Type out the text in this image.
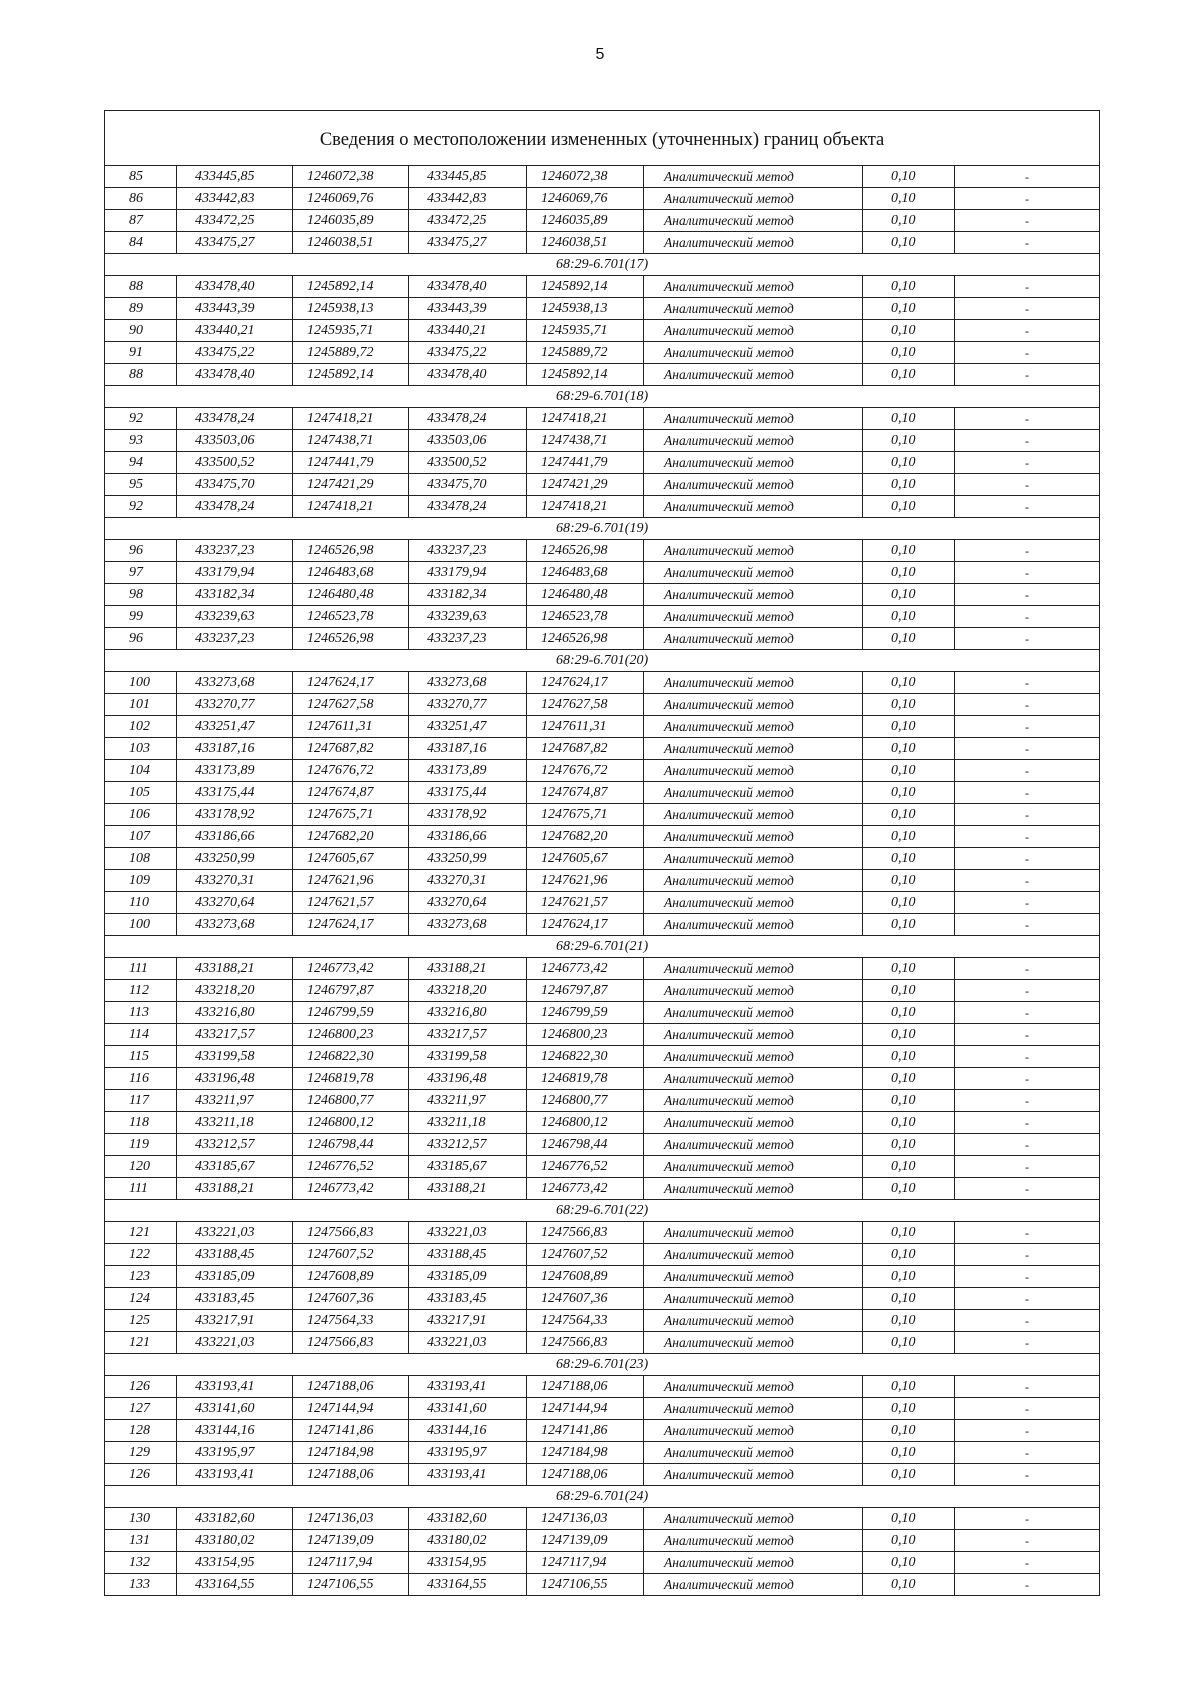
5
Сведения о местоположении измененных (уточненных) границ объекта							
85	433445,85	1246072,38	433445,85	1246072,38	Аналитический метод	0,10	-
86	433442,83	1246069,76	433442,83	1246069,76	Аналитический метод	0,10	-
87	433472,25	1246035,89	433472,25	1246035,89	Аналитический метод	0,10	-
84	433475,27	1246038,51	433475,27	1246038,51	Аналитический метод	0,10	-
68:29-6.701(17)							
88	433478,40	1245892,14	433478,40	1245892,14	Аналитический метод	0,10	-
89	433443,39	1245938,13	433443,39	1245938,13	Аналитический метод	0,10	-
90	433440,21	1245935,71	433440,21	1245935,71	Аналитический метод	0,10	-
91	433475,22	1245889,72	433475,22	1245889,72	Аналитический метод	0,10	-
88	433478,40	1245892,14	433478,40	1245892,14	Аналитический метод	0,10	-
68:29-6.701(18)							
92	433478,24	1247418,21	433478,24	1247418,21	Аналитический метод	0,10	-
93	433503,06	1247438,71	433503,06	1247438,71	Аналитический метод	0,10	-
94	433500,52	1247441,79	433500,52	1247441,79	Аналитический метод	0,10	-
95	433475,70	1247421,29	433475,70	1247421,29	Аналитический метод	0,10	-
92	433478,24	1247418,21	433478,24	1247418,21	Аналитический метод	0,10	-
68:29-6.701(19)							
96	433237,23	1246526,98	433237,23	1246526,98	Аналитический метод	0,10	-
97	433179,94	1246483,68	433179,94	1246483,68	Аналитический метод	0,10	-
98	433182,34	1246480,48	433182,34	1246480,48	Аналитический метод	0,10	-
99	433239,63	1246523,78	433239,63	1246523,78	Аналитический метод	0,10	-
96	433237,23	1246526,98	433237,23	1246526,98	Аналитический метод	0,10	-
68:29-6.701(20)							
100	433273,68	1247624,17	433273,68	1247624,17	Аналитический метод	0,10	-
101	433270,77	1247627,58	433270,77	1247627,58	Аналитический метод	0,10	-
102	433251,47	1247611,31	433251,47	1247611,31	Аналитический метод	0,10	-
103	433187,16	1247687,82	433187,16	1247687,82	Аналитический метод	0,10	-
104	433173,89	1247676,72	433173,89	1247676,72	Аналитический метод	0,10	-
105	433175,44	1247674,87	433175,44	1247674,87	Аналитический метод	0,10	-
106	433178,92	1247675,71	433178,92	1247675,71	Аналитический метод	0,10	-
107	433186,66	1247682,20	433186,66	1247682,20	Аналитический метод	0,10	-
108	433250,99	1247605,67	433250,99	1247605,67	Аналитический метод	0,10	-
109	433270,31	1247621,96	433270,31	1247621,96	Аналитический метод	0,10	-
110	433270,64	1247621,57	433270,64	1247621,57	Аналитический метод	0,10	-
100	433273,68	1247624,17	433273,68	1247624,17	Аналитический метод	0,10	-
68:29-6.701(21)							
111	433188,21	1246773,42	433188,21	1246773,42	Аналитический метод	0,10	-
112	433218,20	1246797,87	433218,20	1246797,87	Аналитический метод	0,10	-
113	433216,80	1246799,59	433216,80	1246799,59	Аналитический метод	0,10	-
114	433217,57	1246800,23	433217,57	1246800,23	Аналитический метод	0,10	-
115	433199,58	1246822,30	433199,58	1246822,30	Аналитический метод	0,10	-
116	433196,48	1246819,78	433196,48	1246819,78	Аналитический метод	0,10	-
117	433211,97	1246800,77	433211,97	1246800,77	Аналитический метод	0,10	-
118	433211,18	1246800,12	433211,18	1246800,12	Аналитический метод	0,10	-
119	433212,57	1246798,44	433212,57	1246798,44	Аналитический метод	0,10	-
120	433185,67	1246776,52	433185,67	1246776,52	Аналитический метод	0,10	-
111	433188,21	1246773,42	433188,21	1246773,42	Аналитический метод	0,10	-
68:29-6.701(22)							
121	433221,03	1247566,83	433221,03	1247566,83	Аналитический метод	0,10	-
122	433188,45	1247607,52	433188,45	1247607,52	Аналитический метод	0,10	-
123	433185,09	1247608,89	433185,09	1247608,89	Аналитический метод	0,10	-
124	433183,45	1247607,36	433183,45	1247607,36	Аналитический метод	0,10	-
125	433217,91	1247564,33	433217,91	1247564,33	Аналитический метод	0,10	-
121	433221,03	1247566,83	433221,03	1247566,83	Аналитический метод	0,10	-
68:29-6.701(23)							
126	433193,41	1247188,06	433193,41	1247188,06	Аналитический метод	0,10	-
127	433141,60	1247144,94	433141,60	1247144,94	Аналитический метод	0,10	-
128	433144,16	1247141,86	433144,16	1247141,86	Аналитический метод	0,10	-
129	433195,97	1247184,98	433195,97	1247184,98	Аналитический метод	0,10	-
126	433193,41	1247188,06	433193,41	1247188,06	Аналитический метод	0,10	-
68:29-6.701(24)							
130	433182,60	1247136,03	433182,60	1247136,03	Аналитический метод	0,10	-
131	433180,02	1247139,09	433180,02	1247139,09	Аналитический метод	0,10	-
132	433154,95	1247117,94	433154,95	1247117,94	Аналитический метод	0,10	-
133	433164,55	1247106,55	433164,55	1247106,55	Аналитический метод	0,10	-
